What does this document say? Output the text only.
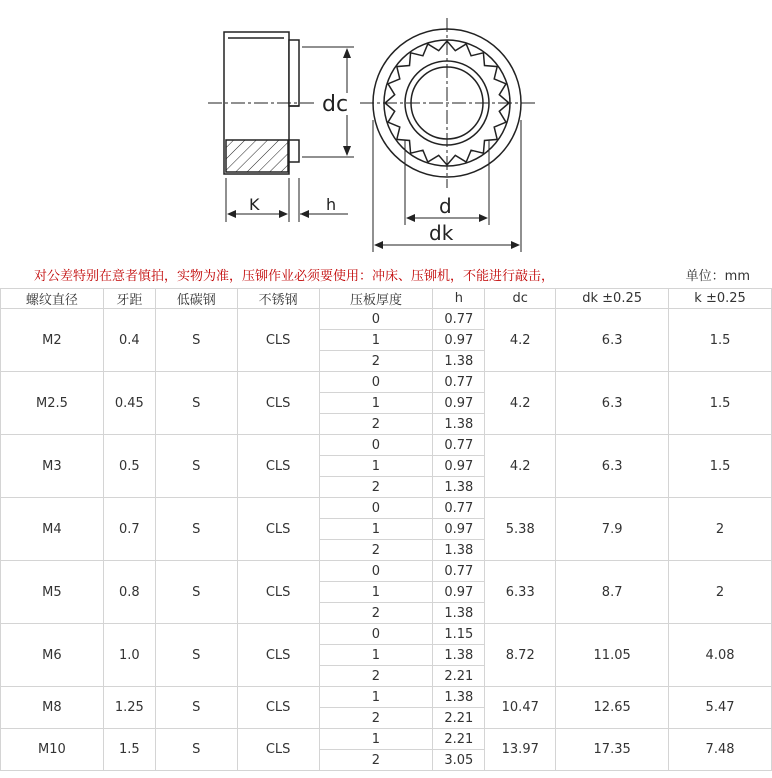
dc
K	h	d
dk
对公差特别在意者慎拍，实物为准，压铆作业必须要使用：冲床、压铆机，不能进行敲击，	单位：mm
螺纹直径	牙距	低碳钢	不锈钢	压板厚度	h	dc	dk ±0.25	k ±0.25
M2	0.4	S	CLS	0	0.77	4.2	6.3	1.5
				1	0.97			
				2	1.38			
M2.5	0.45	S	CLS	0	0.77	4.2	6.3	1.5
				1	0.97			
				2	1.38			
M3	0.5	S	CLS	0	0.77	4.2	6.3	1.5
				1	0.97			
				2	1.38			
M4	0.7	S	CLS	0	0.77	5.38	7.9	2
				1	0.97			
				2	1.38			
M5	0.8	S	CLS	0	0.77	6.33	8.7	2
				1	0.97			
				2	1.38			
M6	1.0	S	CLS	0	1.15	8.72	11.05	4.08
				1	1.38			
				2	2.21			
M8	1.25	S	CLS	1	1.38	10.47	12.65	5.47
				2	2.21			
M10	1.5	S	CLS	1	2.21	13.97	17.35	7.48
				2	3.05			
